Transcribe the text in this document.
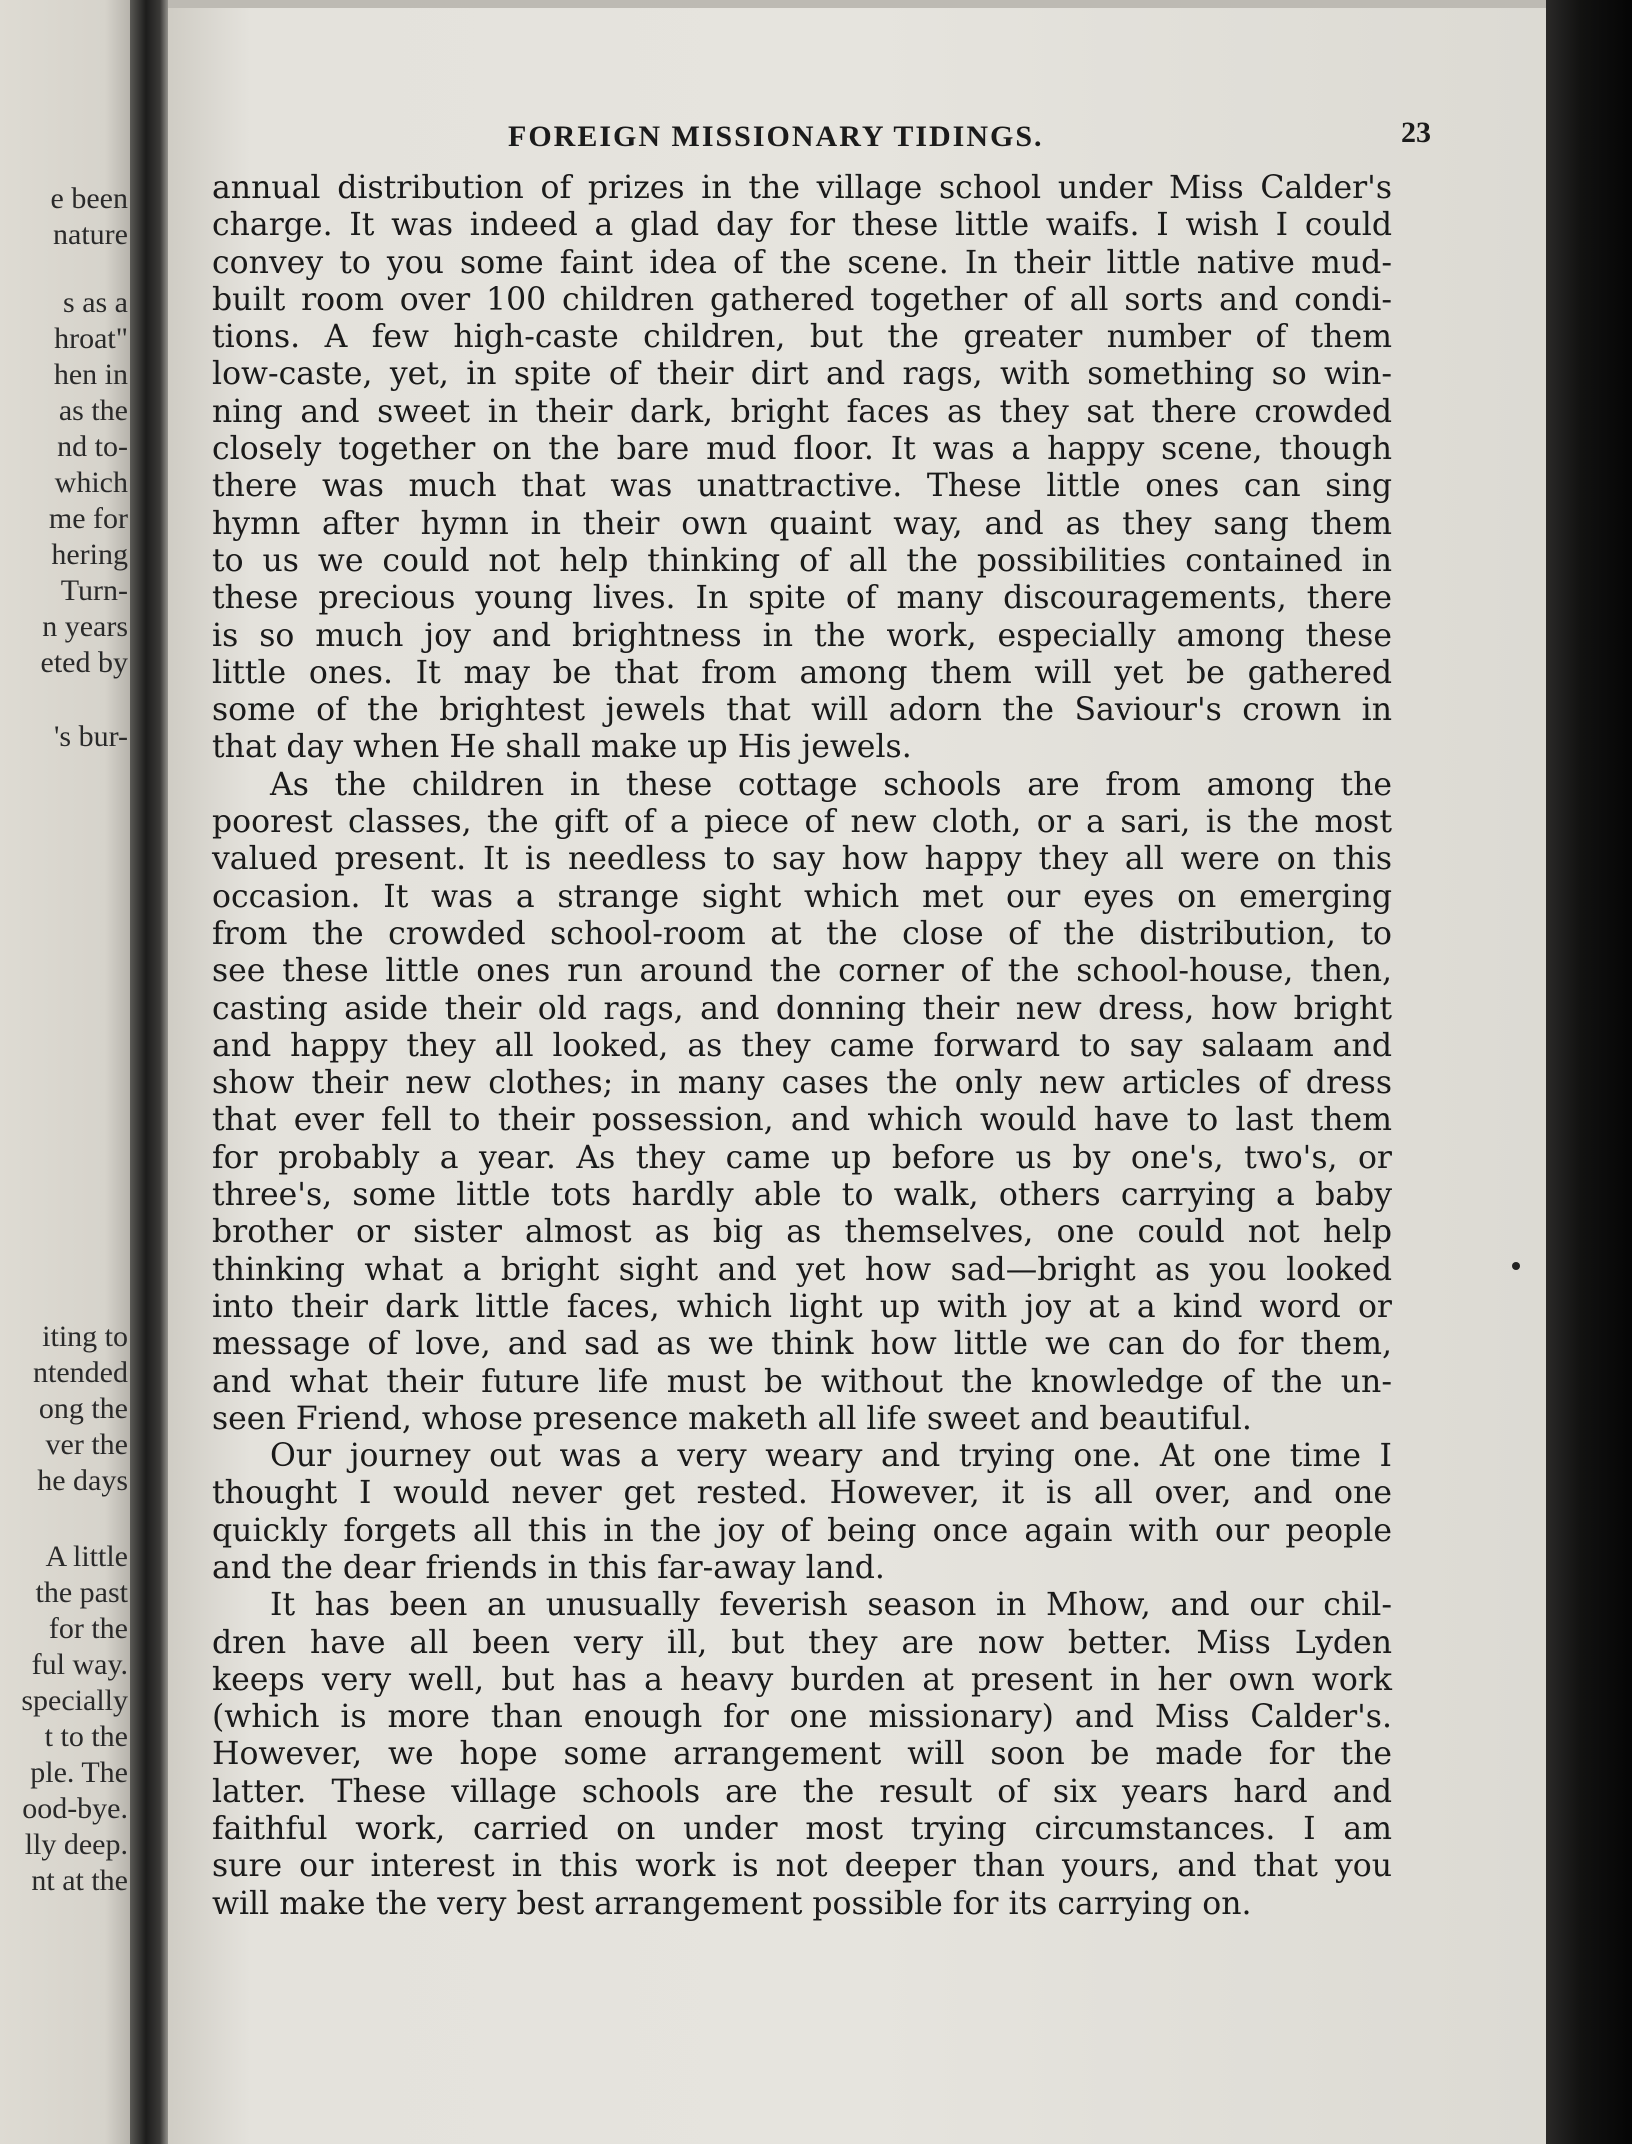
e been
nature
s as a
hroat"
hen in
as the
nd to-
which
me for
hering
Turn-
n years
eted by
's bur-
iting to
ntended
ong the
ver the
he days
A little
the past
for the
ful way.
specially
t to the
ple. The
ood-bye.
lly deep.
nt at the
FOREIGN MISSIONARY TIDINGS.	23
annual distribution of prizes in the village school under Miss Calder's
charge. It was indeed a glad day for these little waifs. I wish I could
convey to you some faint idea of the scene. In their little native mud-
built room over 100 children gathered together of all sorts and condi-
tions. A few high-caste children, but the greater number of them
low-caste, yet, in spite of their dirt and rags, with something so win-
ning and sweet in their dark, bright faces as they sat there crowded
closely together on the bare mud floor. It was a happy scene, though
there was much that was unattractive. These little ones can sing
hymn after hymn in their own quaint way, and as they sang them
to us we could not help thinking of all the possibilities contained in
these precious young lives. In spite of many discouragements, there
is so much joy and brightness in the work, especially among these
little ones. It may be that from among them will yet be gathered
some of the brightest jewels that will adorn the Saviour's crown in
that day when He shall make up His jewels.
As the children in these cottage schools are from among the
poorest classes, the gift of a piece of new cloth, or a sari, is the most
valued present. It is needless to say how happy they all were on this
occasion. It was a strange sight which met our eyes on emerging
from the crowded school-room at the close of the distribution, to
see these little ones run around the corner of the school-house, then,
casting aside their old rags, and donning their new dress, how bright
and happy they all looked, as they came forward to say salaam and
show their new clothes; in many cases the only new articles of dress
that ever fell to their possession, and which would have to last them
for probably a year. As they came up before us by one's, two's, or
three's, some little tots hardly able to walk, others carrying a baby
brother or sister almost as big as themselves, one could not help
thinking what a bright sight and yet how sad—bright as you looked
into their dark little faces, which light up with joy at a kind word or
message of love, and sad as we think how little we can do for them,
and what their future life must be without the knowledge of the un-
seen Friend, whose presence maketh all life sweet and beautiful.
Our journey out was a very weary and trying one. At one time I
thought I would never get rested. However, it is all over, and one
quickly forgets all this in the joy of being once again with our people
and the dear friends in this far-away land.
It has been an unusually feverish season in Mhow, and our chil-
dren have all been very ill, but they are now better. Miss Lyden
keeps very well, but has a heavy burden at present in her own work
(which is more than enough for one missionary) and Miss Calder's.
However, we hope some arrangement will soon be made for the
latter. These village schools are the result of six years hard and
faithful work, carried on under most trying circumstances. I am
sure our interest in this work is not deeper than yours, and that you
will make the very best arrangement possible for its carrying on.
